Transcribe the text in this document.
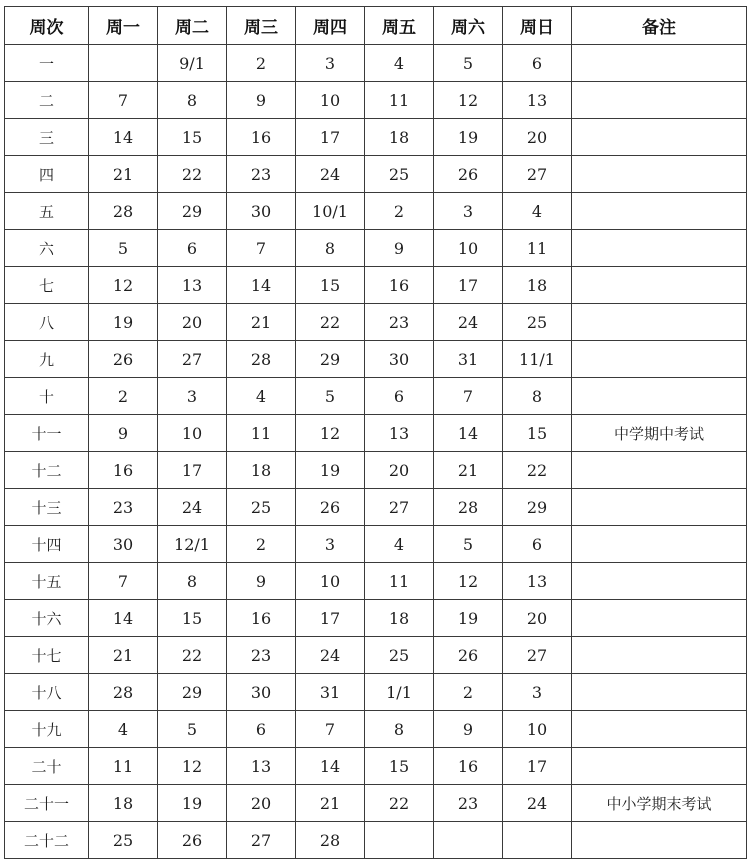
周次	周一	周二	周三	周四	周五	周六	周日	备注
一		9/1	2	3	4	5	6	
二	7	8	9	10	11	12	13	
三	14	15	16	17	18	19	20	
四	21	22	23	24	25	26	27	
五	28	29	30	10/1	2	3	4	
六	5	6	7	8	9	10	11	
七	12	13	14	15	16	17	18	
八	19	20	21	22	23	24	25	
九	26	27	28	29	30	31	11/1	
十	2	3	4	5	6	7	8	
十一	9	10	11	12	13	14	15	中学期中考试
十二	16	17	18	19	20	21	22	
十三	23	24	25	26	27	28	29	
十四	30	12/1	2	3	4	5	6	
十五	7	8	9	10	11	12	13	
十六	14	15	16	17	18	19	20	
十七	21	22	23	24	25	26	27	
十八	28	29	30	31	1/1	2	3	
十九	4	5	6	7	8	9	10	
二十	11	12	13	14	15	16	17	
二十一	18	19	20	21	22	23	24	中小学期末考试
二十二	25	26	27	28				
